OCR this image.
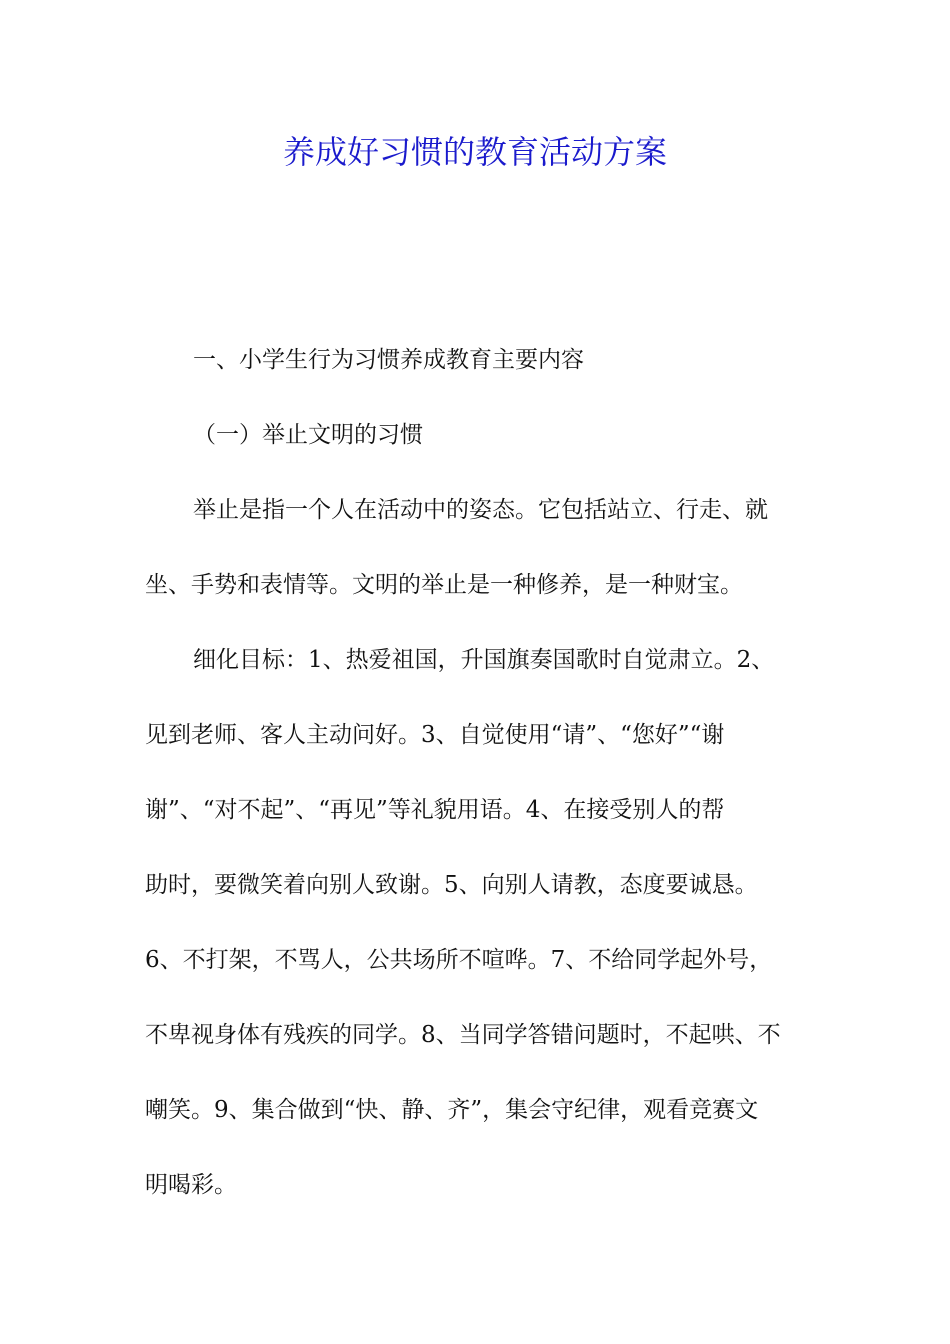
养成好习惯的教育活动方案
一、小学生行为习惯养成教育主要内容
（一）举止文明的习惯
举止是指一个人在活动中的姿态。它包括站立、行走、就
坐、手势和表情等。文明的举止是一种修养，是一种财宝。
细化目标：1、热爱祖国，升国旗奏国歌时自觉肃立。2、
见到老师、客人主动问好。3、自觉使用“请”、“您好”“谢
谢”、“对不起”、“再见”等礼貌用语。4、在接受别人的帮
助时，要微笑着向别人致谢。5、向别人请教，态度要诚恳。
6、不打架，不骂人，公共场所不喧哗。7、不给同学起外号，
不卑视身体有残疾的同学。8、当同学答错问题时，不起哄、不
嘲笑。9、集合做到“快、静、齐”，集会守纪律，观看竞赛文
明喝彩。
